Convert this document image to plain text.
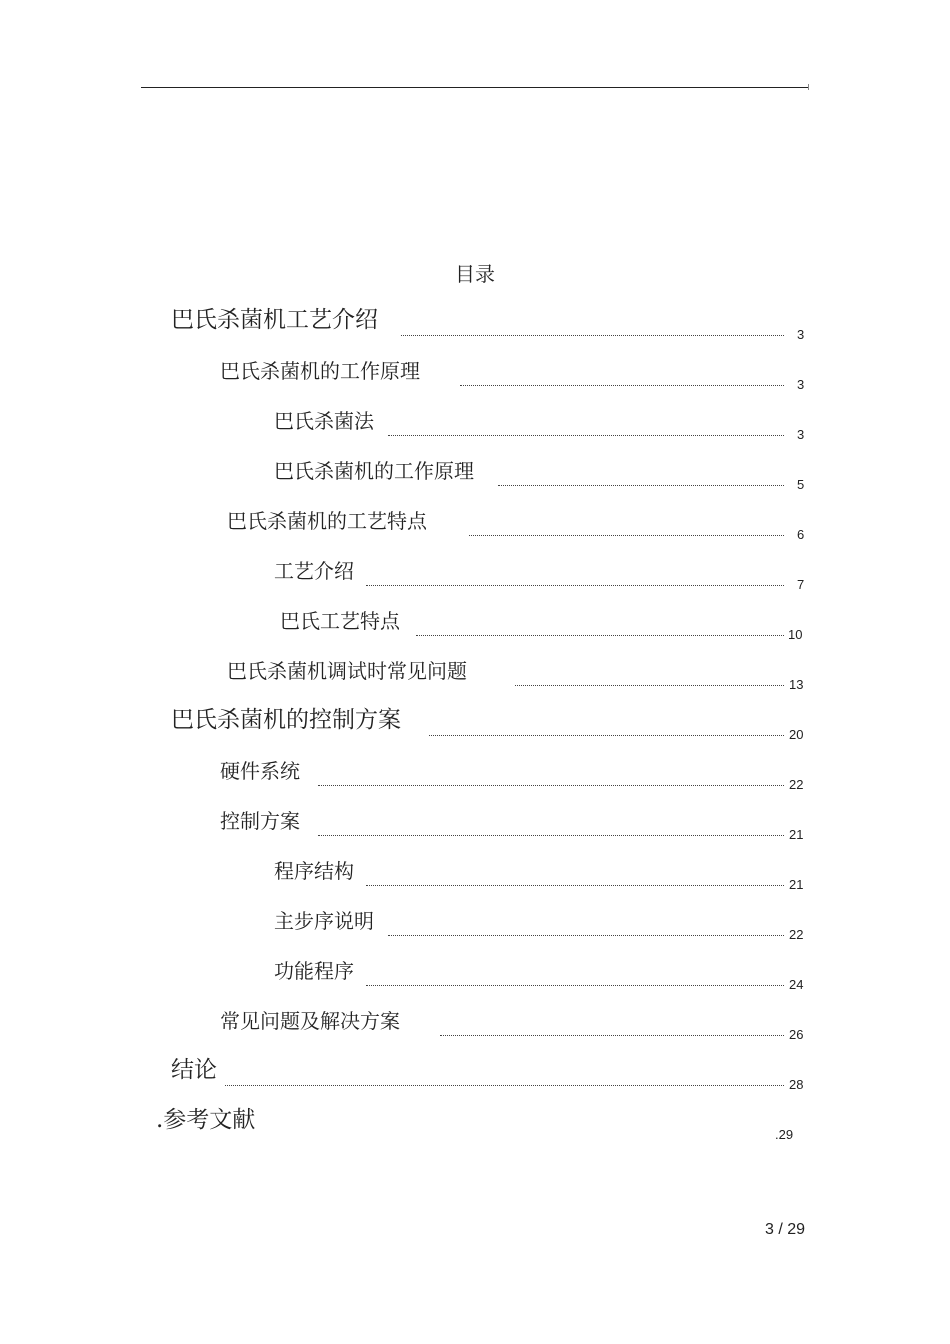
目录
巴氏杀菌机工艺介绍
3
巴氏杀菌机的工作原理
3
巴氏杀菌法
3
巴氏杀菌机的工作原理
5
巴氏杀菌机的工艺特点
6
工艺介绍
7
巴氏工艺特点
10
巴氏杀菌机调试时常见问题
13
巴氏杀菌机的控制方案
20
硬件系统
22
控制方案
21
程序结构
21
主步序说明
22
功能程序
24
常见问题及解决方案
26
结论
28
.参考文献
.29
3 / 29
